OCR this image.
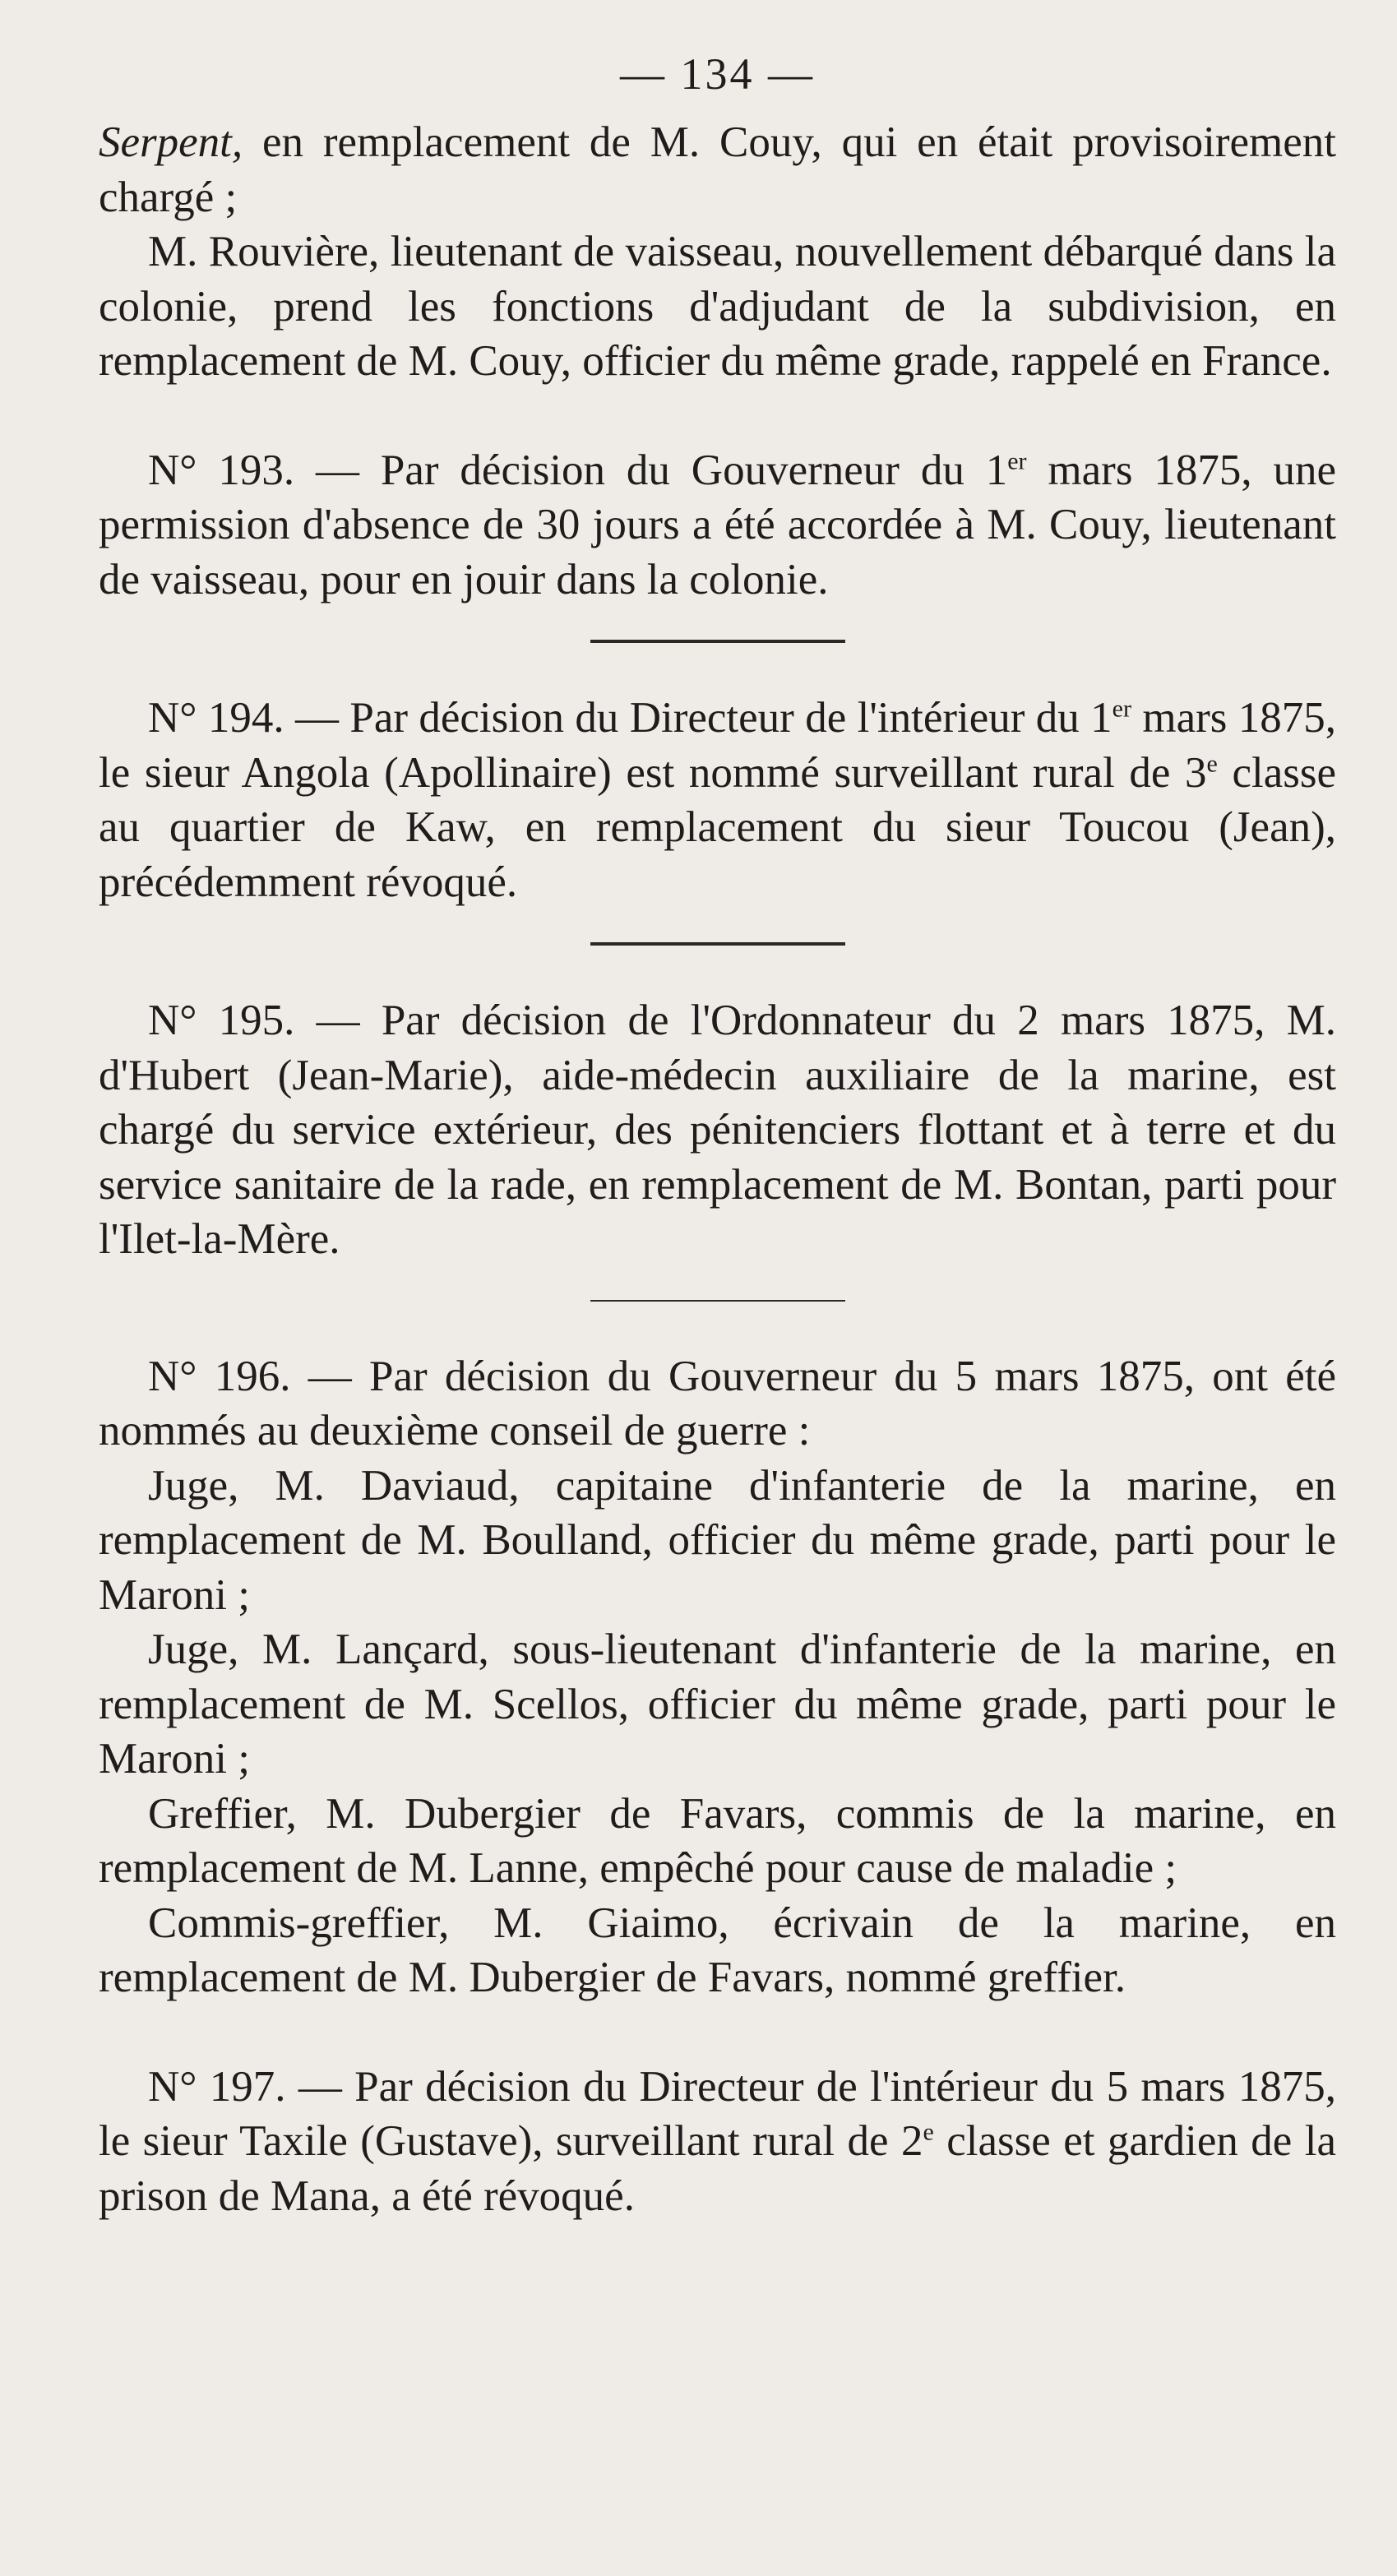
— 134 —

Serpent, en remplacement de M. Couy, qui en était provisoirement chargé ;

M. Rouvière, lieutenant de vaisseau, nouvellement débarqué dans la colonie, prend les fonctions d'adjudant de la subdivision, en remplacement de M. Couy, officier du même grade, rappelé en France.

N° 193. — Par décision du Gouverneur du 1er mars 1875, une permission d'absence de 30 jours a été accordée à M. Couy, lieutenant de vaisseau, pour en jouir dans la colonie.

N° 194. — Par décision du Directeur de l'intérieur du 1er mars 1875, le sieur Angola (Apollinaire) est nommé surveillant rural de 3e classe au quartier de Kaw, en remplacement du sieur Toucou (Jean), précédemment révoqué.

N° 195. — Par décision de l'Ordonnateur du 2 mars 1875, M. d'Hubert (Jean-Marie), aide-médecin auxiliaire de la marine, est chargé du service extérieur, des pénitenciers flottant et à terre et du service sanitaire de la rade, en remplacement de M. Bontan, parti pour l'Ilet-la-Mère.

N° 196. — Par décision du Gouverneur du 5 mars 1875, ont été nommés au deuxième conseil de guerre :

Juge, M. Daviaud, capitaine d'infanterie de la marine, en remplacement de M. Boulland, officier du même grade, parti pour le Maroni ;

Juge, M. Lançard, sous-lieutenant d'infanterie de la marine, en remplacement de M. Scellos, officier du même grade, parti pour le Maroni ;

Greffier, M. Dubergier de Favars, commis de la marine, en remplacement de M. Lanne, empêché pour cause de maladie ;

Commis-greffier, M. Giaimo, écrivain de la marine, en remplacement de M. Dubergier de Favars, nommé greffier.

N° 197. — Par décision du Directeur de l'intérieur du 5 mars 1875, le sieur Taxile (Gustave), surveillant rural de 2e classe et gardien de la prison de Mana, a été révoqué.
